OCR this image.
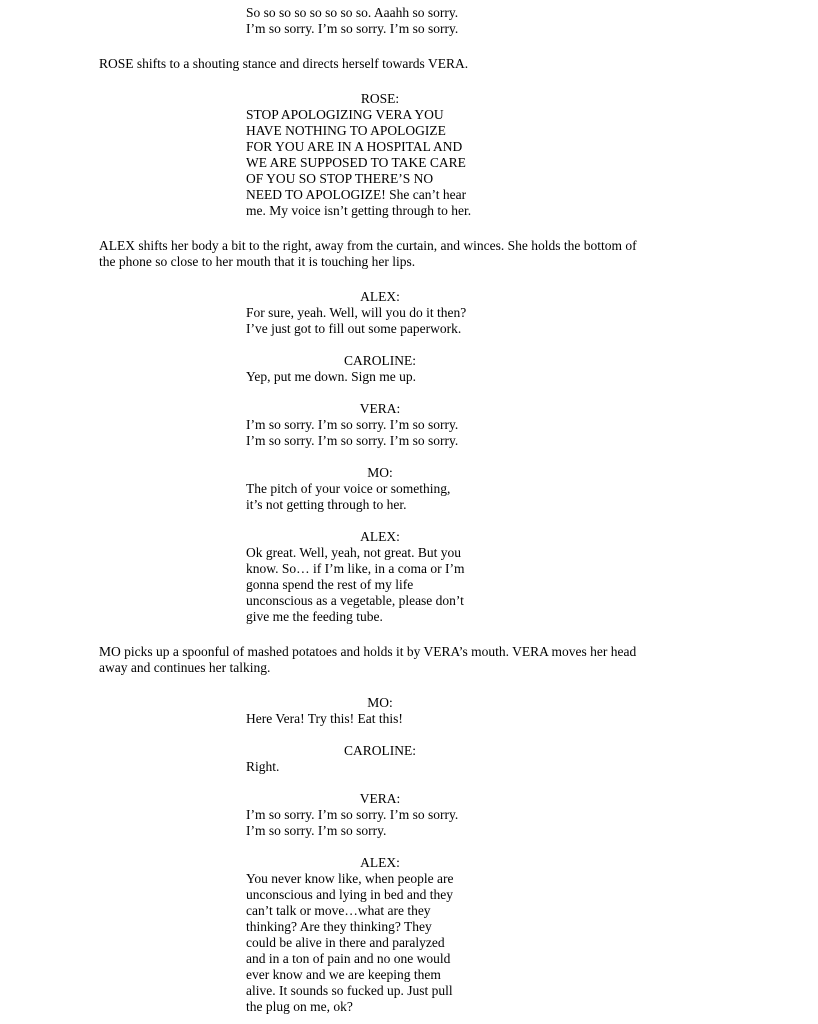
So so so so so so so so. Aaahh so sorry.
I’m so sorry. I’m so sorry. I’m so sorry.
ROSE shifts to a shouting stance and directs herself towards VERA.
ROSE:
STOP APOLOGIZING VERA YOU
HAVE NOTHING TO APOLOGIZE
FOR YOU ARE IN A HOSPITAL AND
WE ARE SUPPOSED TO TAKE CARE
OF YOU SO STOP THERE’S NO
NEED TO APOLOGIZE! She can’t hear
me. My voice isn’t getting through to her.
ALEX shifts her body a bit to the right, away from the curtain, and winces. She holds the bottom of
the phone so close to her mouth that it is touching her lips.
ALEX:
For sure, yeah. Well, will you do it then?
I’ve just got to fill out some paperwork.
CAROLINE:
Yep, put me down. Sign me up.
VERA:
I’m so sorry. I’m so sorry. I’m so sorry.
I’m so sorry. I’m so sorry. I’m so sorry.
MO:
The pitch of your voice or something,
it’s not getting through to her.
ALEX:
Ok great. Well, yeah, not great. But you
know. So… if I’m like, in a coma or I’m
gonna spend the rest of my life
unconscious as a vegetable, please don’t
give me the feeding tube.
MO picks up a spoonful of mashed potatoes and holds it by VERA’s mouth. VERA moves her head
away and continues her talking.
MO:
Here Vera! Try this! Eat this!
CAROLINE:
Right.
VERA:
I’m so sorry. I’m so sorry. I’m so sorry.
I’m so sorry. I’m so sorry.
ALEX:
You never know like, when people are
unconscious and lying in bed and they
can’t talk or move…what are they
thinking? Are they thinking? They
could be alive in there and paralyzed
and in a ton of pain and no one would
ever know and we are keeping them
alive. It sounds so fucked up. Just pull
the plug on me, ok?
